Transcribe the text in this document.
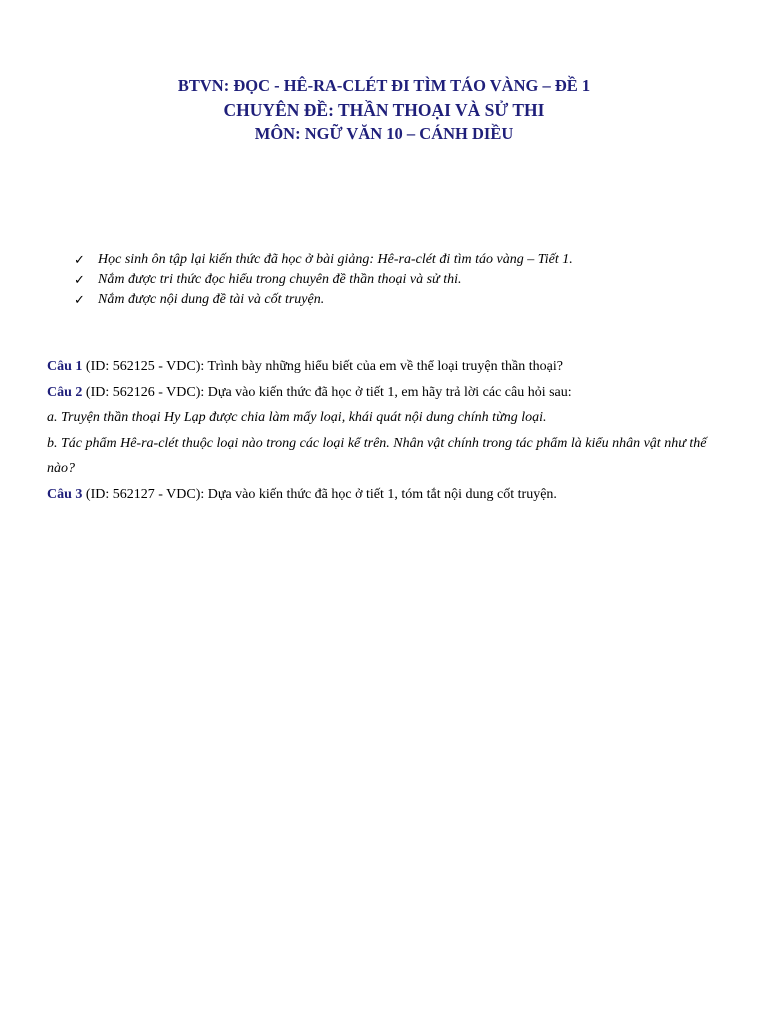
BTVN: ĐỌC - HÊ-RA-CLÉT ĐI TÌM TÁO VÀNG – ĐỀ 1
CHUYÊN ĐỀ: THẦN THOẠI VÀ SỬ THI
MÔN: NGỮ VĂN 10 – CÁNH DIỀU
✓ Học sinh ôn tập lại kiến thức đã học ở bài giảng: Hê-ra-clét đi tìm táo vàng – Tiết 1.
✓ Nắm được tri thức đọc hiểu trong chuyên đề thần thoại và sử thi.
✓ Nắm được nội dung đề tài và cốt truyện.

Câu 1 (ID: 562125 - VDC): Trình bày những hiểu biết của em về thể loại truyện thần thoại?

Câu 2 (ID: 562126 - VDC): Dựa vào kiến thức đã học ở tiết 1, em hãy trả lời các câu hỏi sau:

a. Truyện thần thoại Hy Lạp được chia làm mấy loại, khái quát nội dung chính từng loại.

b. Tác phẩm Hê-ra-clét thuộc loại nào trong các loại kể trên. Nhân vật chính trong tác phẩm là kiểu nhân vật như thế nào?

Câu 3 (ID: 562127 - VDC): Dựa vào kiến thức đã học ở tiết 1, tóm tắt nội dung cốt truyện.
